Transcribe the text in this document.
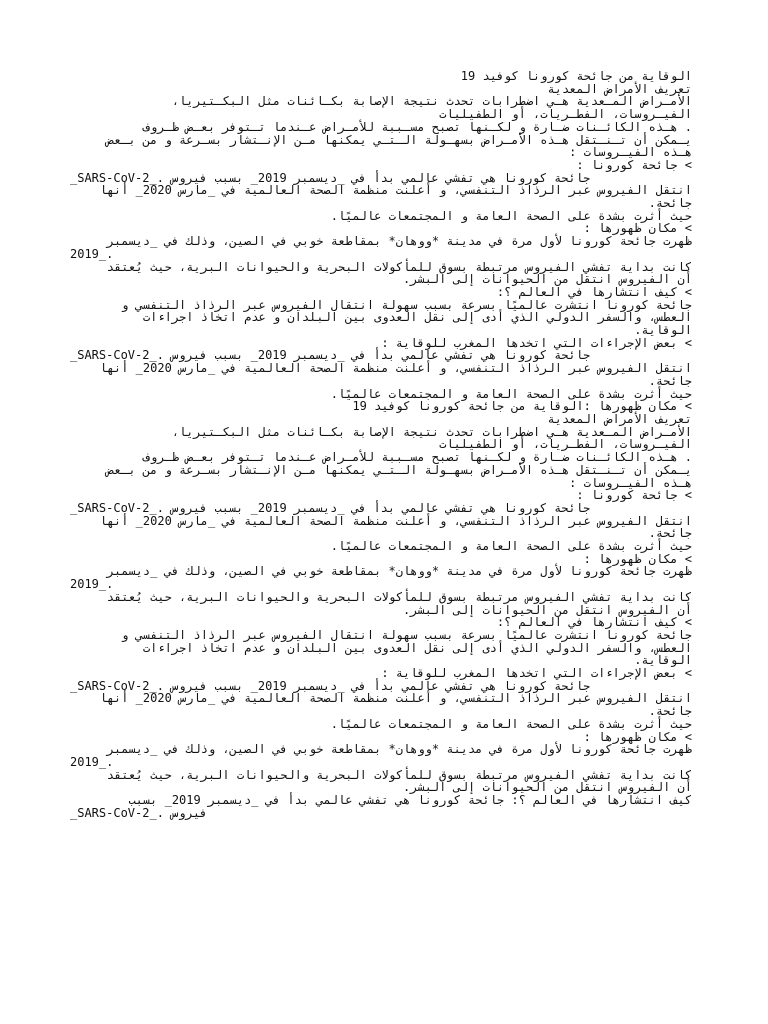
الوقاية من جائحة كورونا كوفيد 19

تعريف الأمراض المعدية

الأمـراض المـعدية هـي اضطرابات تحدث نتيجة الإصابة بكـائنات مثل البكـتيريا،

الفيـروسات، الفطـريات، أو الطفيليات

. هـذه الكائـنات ضـارة و لكـنها تصبح مسـببة للأمـراض عـندما تـتوفر بعـض ظـروف

يـمكن أن تـنـتقل هـذه الأمـراض بسهـولة الـتـي يمكنها مـن الإنـتشار بسـرعة و من بـعض

هـذه الفيـروسات :

> جائحة كورونا :

_SARS-CoV-2_. جائحة كورونا هي تفشي عالمي بدأ في _ديسمبر 2019_ بسبب فيروس

انتقل الفيروس عبر الرذاذ التنفسي، و أعلنت منظمة الصحة العالمية في _مارس 2020_ أنها

جائحة.

حيث أثرت بشدة على الصحة العامة و المجتمعات عالميًا.

> مكان ظهورها :

ظهرت جائحة كورونا لأول مرة في مدينة *ووهان* بمقاطعة خوبي في الصين، وذلك في _ديسمبر

2019_.

كانت بداية تفشي الفيروس مرتبطة بسوق للمأكولات البحرية والحيوانات البرية، حيث يُعتقد

أن الفيروس انتقل من الحيوانات إلى البشر.

> كيف انتشارها في العالم ؟:

جائحة كورونا انتشرت عالميًا بسرعة بسبب سهولة انتقال الفيروس عبر الرذاذ التنفسي و

العطس، والسفر الدولي الذي أدى إلى نقل العدوى بين البلدان و عدم اتخاذ اجراءات

الوقاية.

> بعض الإجراءات التي اتخدها المغرب للوقاية :

_SARS-CoV-2_. جائحة كورونا هي تفشي عالمي بدأ في _ديسمبر 2019_ بسبب فيروس

انتقل الفيروس عبر الرذاذ التنفسي، و أعلنت منظمة الصحة العالمية في _مارس 2020_ أنها

جائحة.

حيث أثرت بشدة على الصحة العامة و المجتمعات عالميًا.

> مكان ظهورها :الوقاية من جائحة كورونا كوفيد 19

تعريف الأمراض المعدية

الأمـراض المـعدية هـي اضطرابات تحدث نتيجة الإصابة بكـائنات مثل البكـتيريا،

الفيـروسات، الفطـريات، أو الطفيليات

. هـذه الكائـنات ضـارة و لكـنها تصبح مسـببة للأمـراض عـندما تـتوفر بعـض ظـروف

يـمكن أن تـنـتقل هـذه الأمـراض بسهـولة الـتـي يمكنها مـن الإنـتشار بسـرعة و من بـعض

هـذه الفيـروسات :

> جائحة كورونا :

_SARS-CoV-2_. جائحة كورونا هي تفشي عالمي بدأ في _ديسمبر 2019_ بسبب فيروس

انتقل الفيروس عبر الرذاذ التنفسي، و أعلنت منظمة الصحة العالمية في _مارس 2020_ أنها

جائحة.

حيث أثرت بشدة على الصحة العامة و المجتمعات عالميًا.

> مكان ظهورها :

ظهرت جائحة كورونا لأول مرة في مدينة *ووهان* بمقاطعة خوبي في الصين، وذلك في _ديسمبر

2019_.

كانت بداية تفشي الفيروس مرتبطة بسوق للمأكولات البحرية والحيوانات البرية، حيث يُعتقد

أن الفيروس انتقل من الحيوانات إلى البشر.

> كيف انتشارها في العالم ؟:

جائحة كورونا انتشرت عالميًا بسرعة بسبب سهولة انتقال الفيروس عبر الرذاذ التنفسي و

العطس، والسفر الدولي الذي أدى إلى نقل العدوى بين البلدان و عدم اتخاذ اجراءات

الوقاية.

> بعض الإجراءات التي اتخدها المغرب للوقاية :

_SARS-CoV-2_. جائحة كورونا هي تفشي عالمي بدأ في _ديسمبر 2019_ بسبب فيروس

انتقل الفيروس عبر الرذاذ التنفسي، و أعلنت منظمة الصحة العالمية في _مارس 2020_ أنها

جائحة.

حيث أثرت بشدة على الصحة العامة و المجتمعات عالميًا.

> مكان ظهورها :

ظهرت جائحة كورونا لأول مرة في مدينة *ووهان* بمقاطعة خوبي في الصين، وذلك في _ديسمبر

2019_.

كانت بداية تفشي الفيروس مرتبطة بسوق للمأكولات البحرية والحيوانات البرية، حيث يُعتقد

أن الفيروس انتقل من الحيوانات إلى البشر.

كيف انتشارها في العالم ؟: جائحة كورونا هي تفشي عالمي بدأ في _ديسمبر 2019_ بسبب

_SARS-CoV-2_. فيروس
